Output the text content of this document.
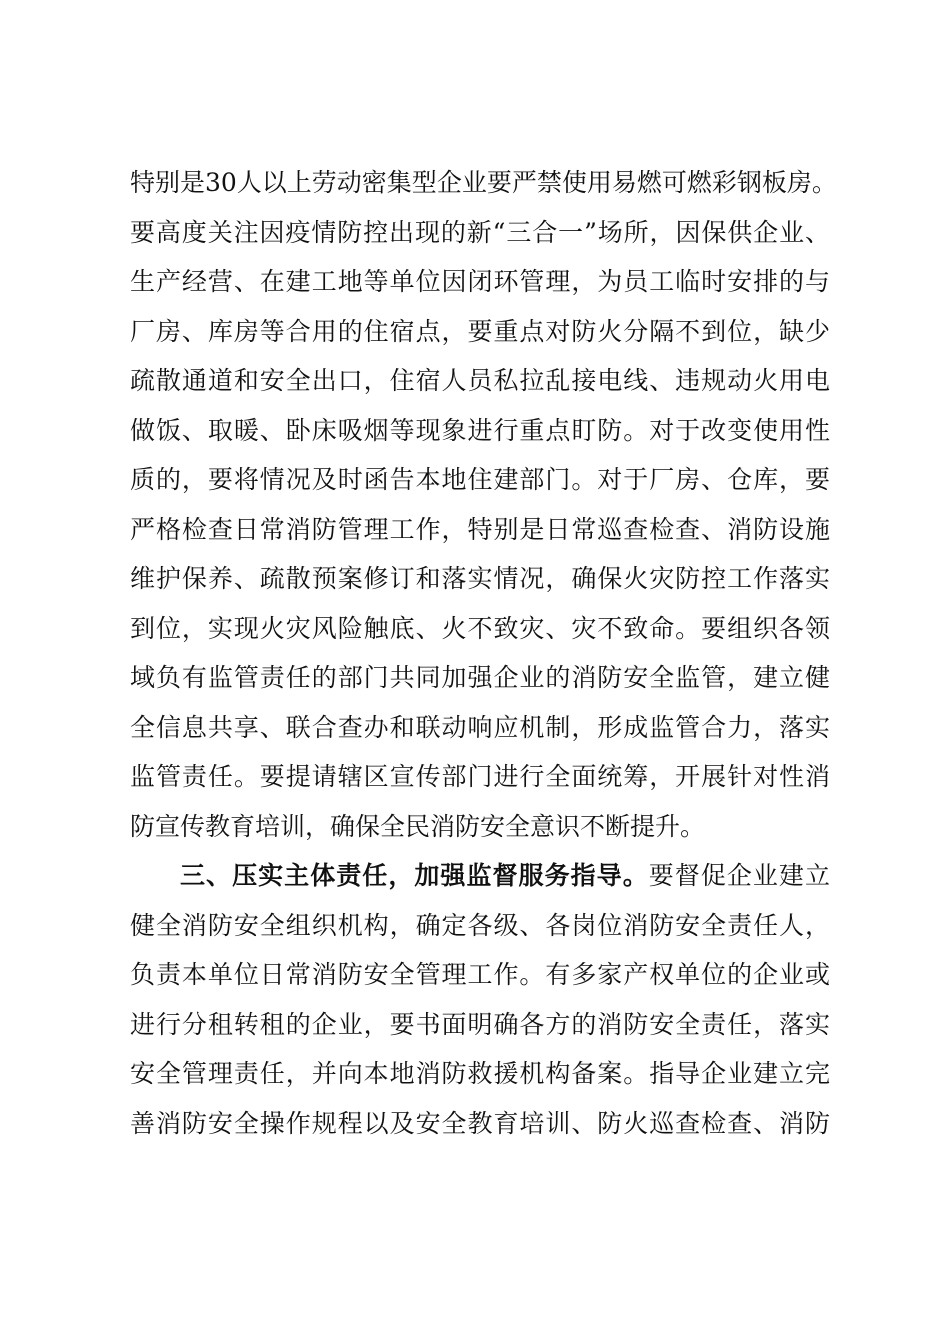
特别是30人以上劳动密集型企业要严禁使用易燃可燃彩钢板房。
要高度关注因疫情防控出现的新“三合一”场所，因保供企业、
生产经营、在建工地等单位因闭环管理，为员工临时安排的与
厂房、库房等合用的住宿点，要重点对防火分隔不到位，缺少
疏散通道和安全出口，住宿人员私拉乱接电线、违规动火用电
做饭、取暖、卧床吸烟等现象进行重点盯防。对于改变使用性
质的，要将情况及时函告本地住建部门。对于厂房、仓库，要
严格检查日常消防管理工作，特别是日常巡查检查、消防设施
维护保养、疏散预案修订和落实情况，确保火灾防控工作落实
到位，实现火灾风险触底、火不致灾、灾不致命。要组织各领
域负有监管责任的部门共同加强企业的消防安全监管，建立健
全信息共享、联合查办和联动响应机制，形成监管合力，落实
监管责任。要提请辖区宣传部门进行全面统筹，开展针对性消
防宣传教育培训，确保全民消防安全意识不断提升。
三、压实主体责任，加强监督服务指导。要督促企业建立
健全消防安全组织机构，确定各级、各岗位消防安全责任人，
负责本单位日常消防安全管理工作。有多家产权单位的企业或
进行分租转租的企业，要书面明确各方的消防安全责任，落实
安全管理责任，并向本地消防救援机构备案。指导企业建立完
善消防安全操作规程以及安全教育培训、防火巡查检查、消防
